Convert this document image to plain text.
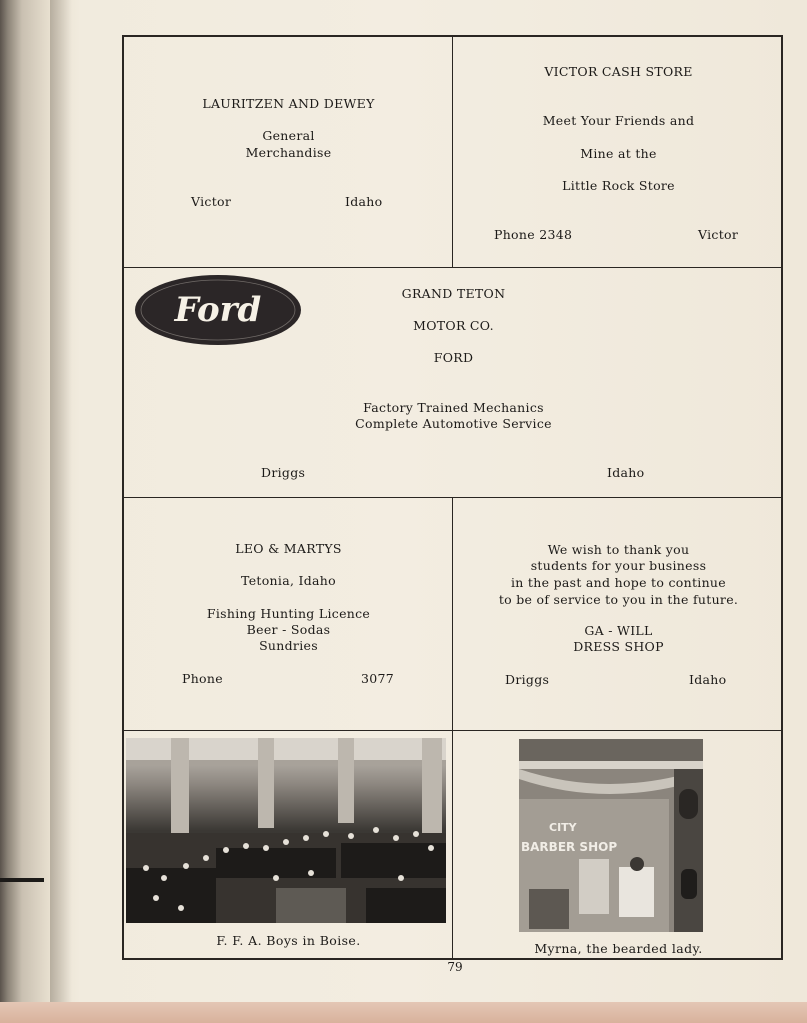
LAURITZEN AND DEWEY
General
Merchandise
Victor	Idaho
VICTOR CASH STORE
Meet Your Friends and
Mine at the
Little Rock Store
Phone 2348	Victor
Ford	GRAND TETON
MOTOR CO.
FORD
Factory Trained Mechanics
Complete Automotive Service
Driggs	Idaho
LEO & MARTYS
Tetonia, Idaho
Fishing Hunting Licence
Beer - Sodas
Sundries
Phone	3077
We wish to thank you
students for your business
in the past and hope to continue
to be of service to you in the future.
GA - WILL
DRESS SHOP
Driggs	Idaho
F. F. A. Boys in Boise.
CITY
BARBER SHOP
Myrna, the bearded lady.
79
